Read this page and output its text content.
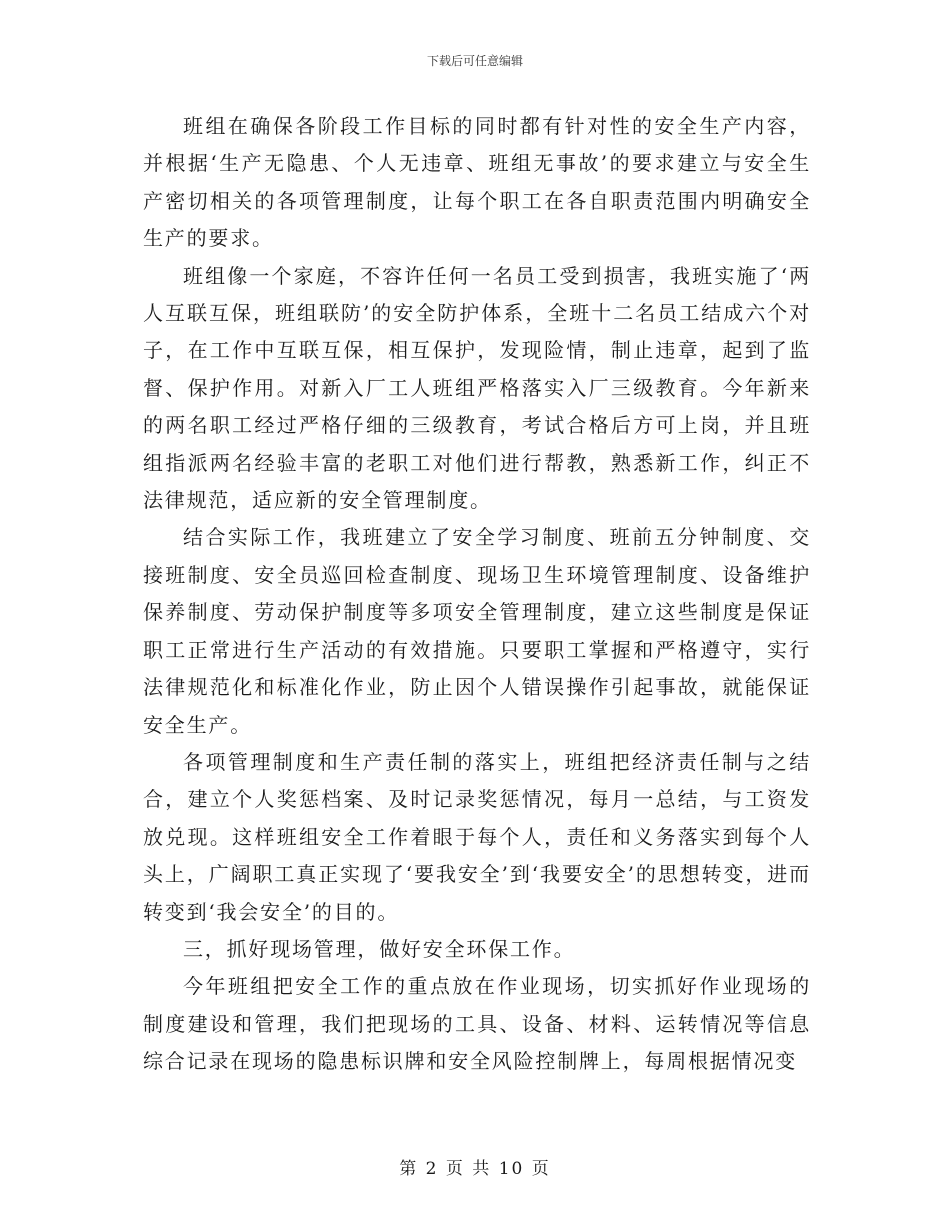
下载后可任意编辑

班组在确保各阶段工作目标的同时都有针对性的安全生产内容，并根据‘生产无隐患、个人无违章、班组无事故’的要求建立与安全生产密切相关的各项管理制度，让每个职工在各自职责范围内明确安全生产的要求。

班组像一个家庭，不容许任何一名员工受到损害，我班实施了‘两人互联互保，班组联防’的安全防护体系，全班十二名员工结成六个对子，在工作中互联互保，相互保护，发现险情，制止违章，起到了监督、保护作用。对新入厂工人班组严格落实入厂三级教育。今年新来的两名职工经过严格仔细的三级教育，考试合格后方可上岗，并且班组指派两名经验丰富的老职工对他们进行帮教，熟悉新工作，纠正不法律规范，适应新的安全管理制度。

结合实际工作，我班建立了安全学习制度、班前五分钟制度、交接班制度、安全员巡回检查制度、现场卫生环境管理制度、设备维护保养制度、劳动保护制度等多项安全管理制度，建立这些制度是保证职工正常进行生产活动的有效措施。只要职工掌握和严格遵守，实行法律规范化和标准化作业，防止因个人错误操作引起事故，就能保证安全生产。

各项管理制度和生产责任制的落实上，班组把经济责任制与之结合，建立个人奖惩档案、及时记录奖惩情况，每月一总结，与工资发放兑现。这样班组安全工作着眼于每个人，责任和义务落实到每个人头上，广阔职工真正实现了‘要我安全’到‘我要安全’的思想转变，进而转变到‘我会安全’的目的。

三，抓好现场管理，做好安全环保工作。

今年班组把安全工作的重点放在作业现场，切实抓好作业现场的制度建设和管理，我们把现场的工具、设备、材料、运转情况等信息综合记录在现场的隐患标识牌和安全风险控制牌上，每周根据情况变

第 2 页 共 10 页
